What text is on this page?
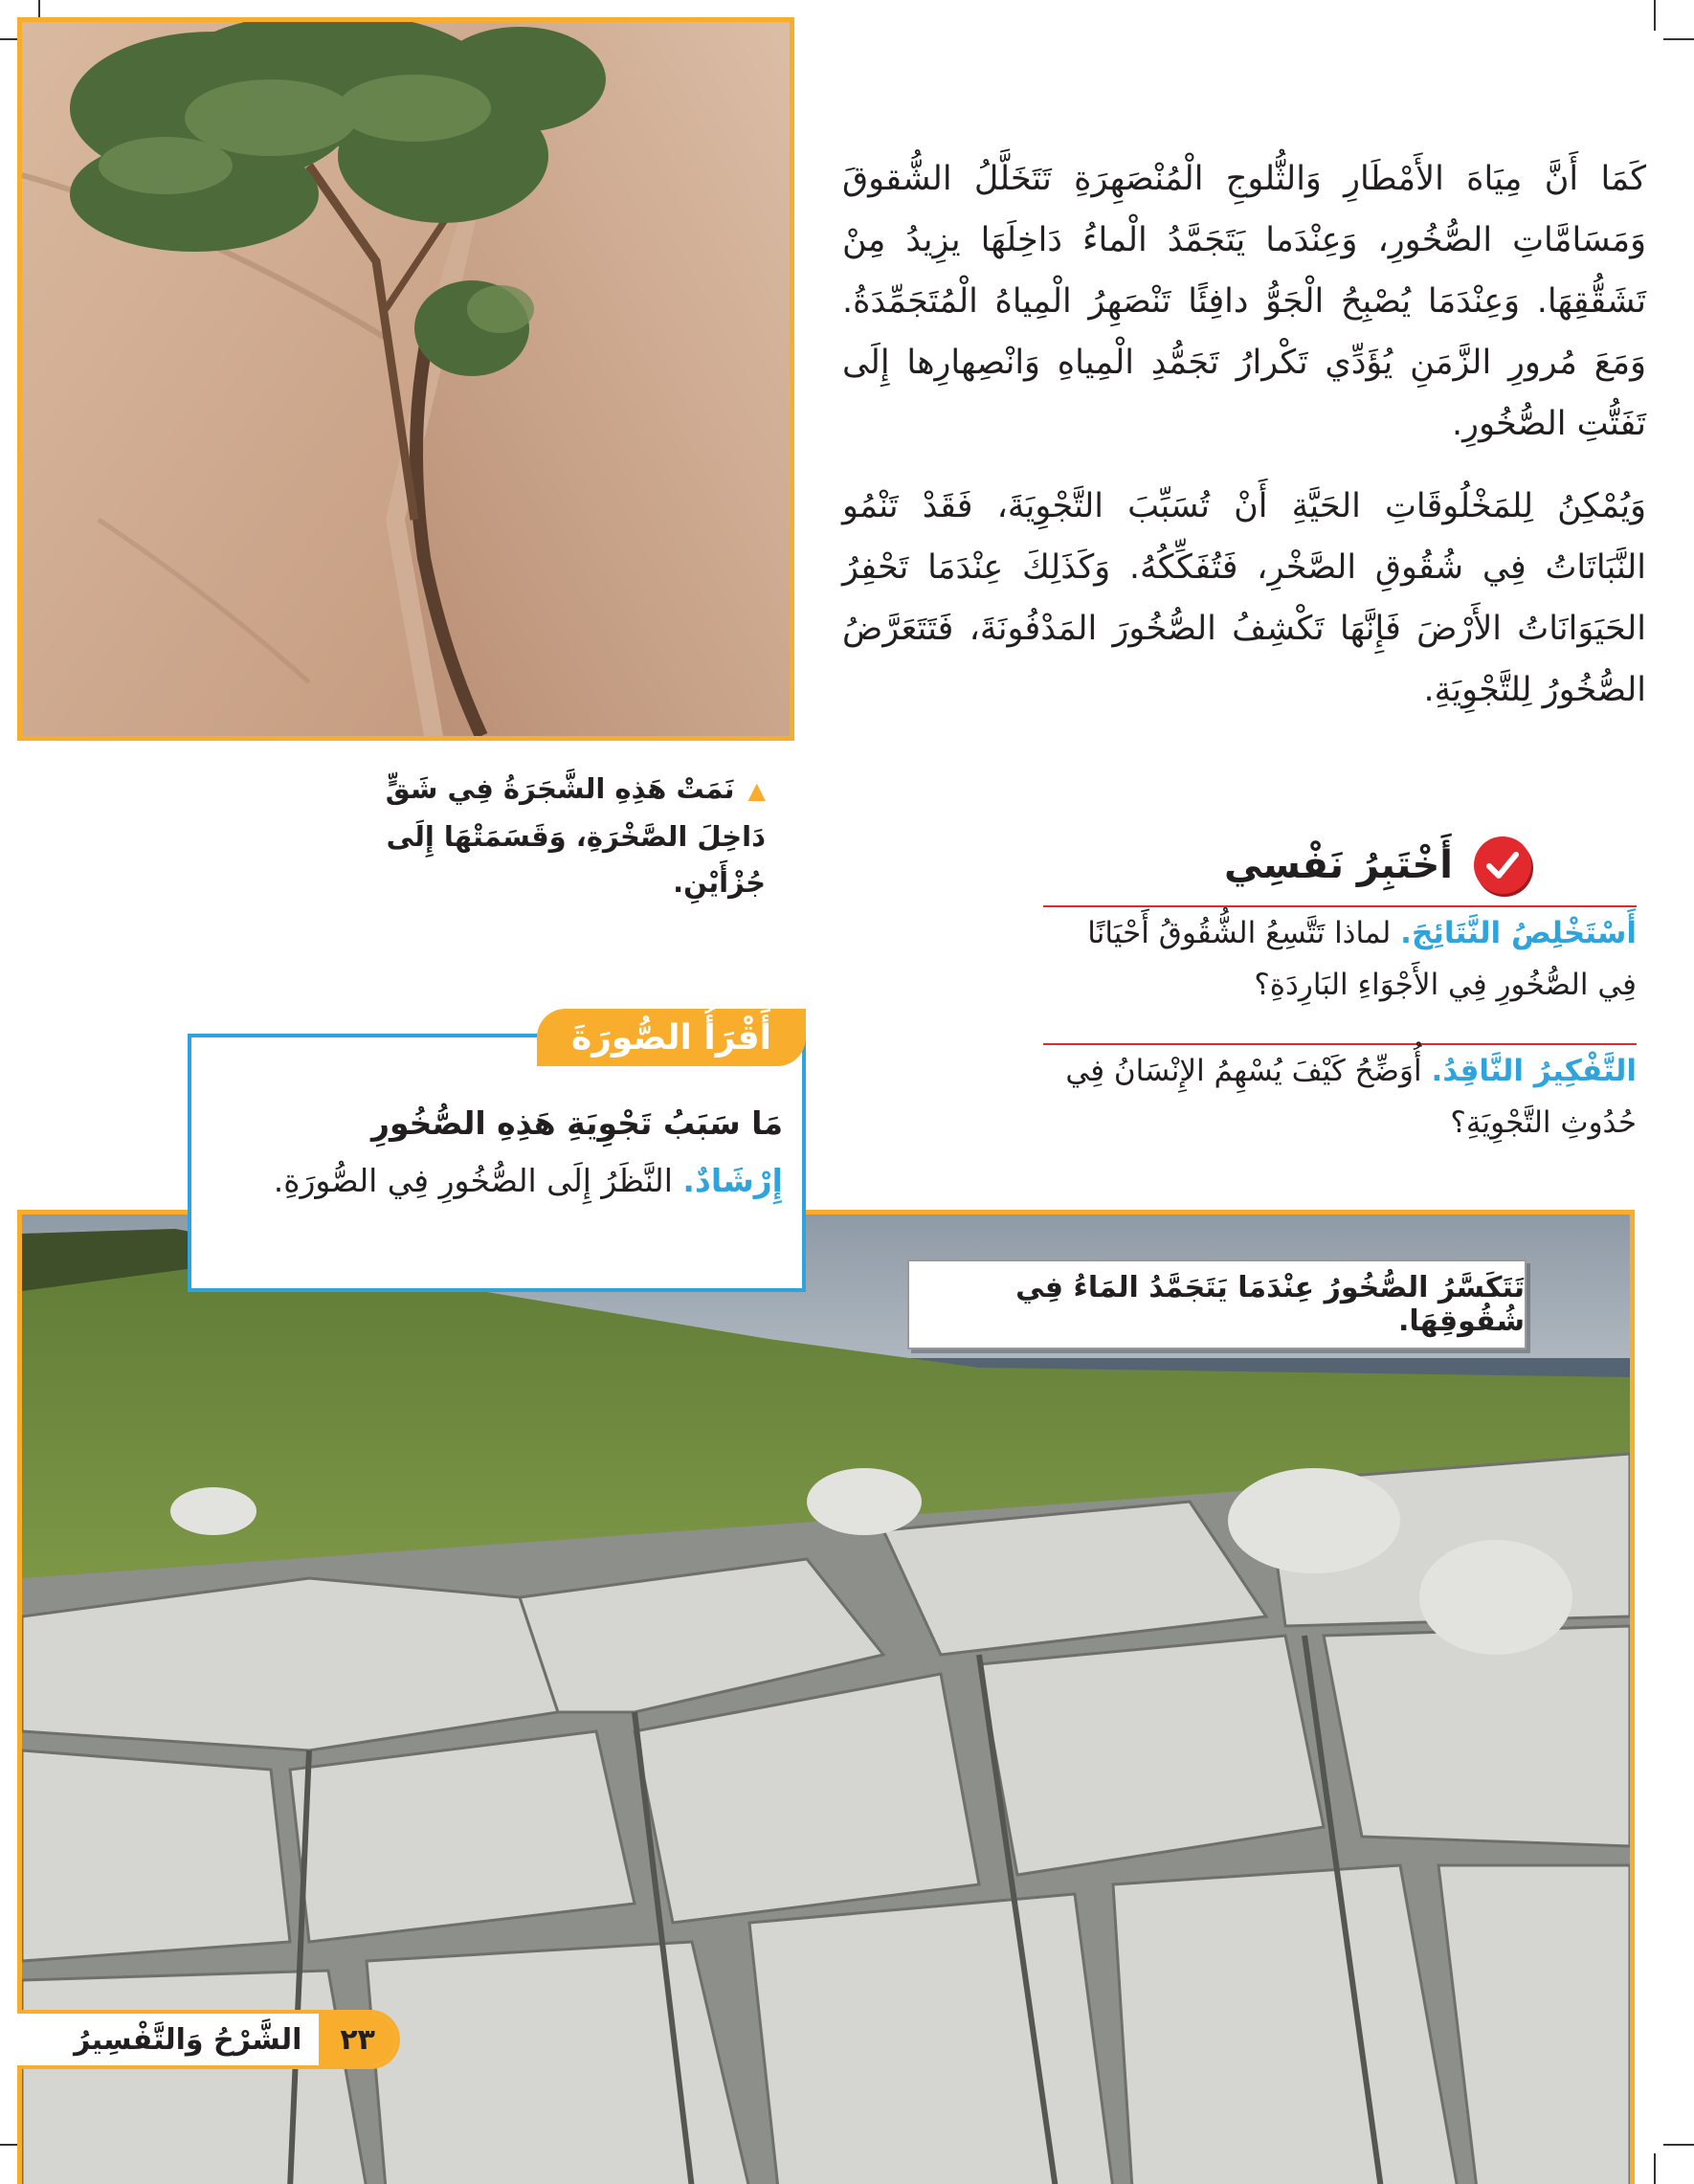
▲نَمَتْ هَذِهِ الشَّجَرَةُ فِي شَقٍّ دَاخِلَ الصَّخْرَةِ، وَقَسَمَتْهَا إِلَى جُزْأَيْنِ.

كَمَا أَنَّ مِيَاهَ الأَمْطَارِ وَالثُّلوجِ الْمُنْصَهِرَةِ تَتَخَلَّلُ الشُّقوقَ وَمَسَامَّاتِ الصُّخُورِ، وَعِنْدَما يَتَجَمَّدُ الْماءُ دَاخِلَهَا يزِيدُ مِنْ تَشَقُّقِهَا. وَعِنْدَمَا يُصْبِحُ الْجَوُّ دافِئًا تَنْصَهِرُ الْمِياهُ الْمُتَجَمِّدَةُ. وَمَعَ مُرورِ الزَّمَنِ يُؤَدِّي تَكْرارُ تَجَمُّدِ الْمِياهِ وَانْصِهارِها إِلَى تَفَتُّتِ الصُّخُورِ.

وَيُمْكِنُ لِلمَخْلُوقَاتِ الحَيَّةِ أَنْ تُسَبِّبَ التَّجْوِيَةَ، فَقَدْ تَنْمُو النَّبَاتَاتُ فِي شُقُوقِ الصَّخْرِ، فَتُفَكِّكُهُ. وَكَذَلِكَ عِنْدَمَا تَحْفِرُ الحَيَوَانَاتُ الأَرْضَ فَإِنَّهَا تَكْشِفُ الصُّخُورَ المَدْفُونَةَ، فَتَتَعَرَّضُ الصُّخُورُ لِلتَّجْوِيَةِ.

أَخْتَبِرُ نَفْسِي
أَسْتَخْلِصُ النَّتَائِجَ. لماذا تَتَّسِعُ الشُّقُوقُ أَحْيَانًا فِي الصُّخُورِ فِي الأَجْوَاءِ البَارِدَةِ؟
التَّفْكِيرُ النَّاقِدُ. أُوَضِّحُ كَيْفَ يُسْهِمُ الإِنْسَانُ فِي حُدُوثِ التَّجْوِيَةِ؟
تَتَكَسَّرُ الصُّخُورُ عِنْدَمَا يَتَجَمَّدُ المَاءُ فِي شُقُوقِهَا.
أَقْرَأُ الصُّورَةَ
مَا سَبَبُ تَجْوِيَةِ هَذِهِ الصُّخُورِ
إِرْشَادٌ. النَّظَرُ إِلَى الصُّخُورِ فِي الصُّورَةِ.
٢٣
الشَّرْحُ وَالتَّفْسِيرُ
